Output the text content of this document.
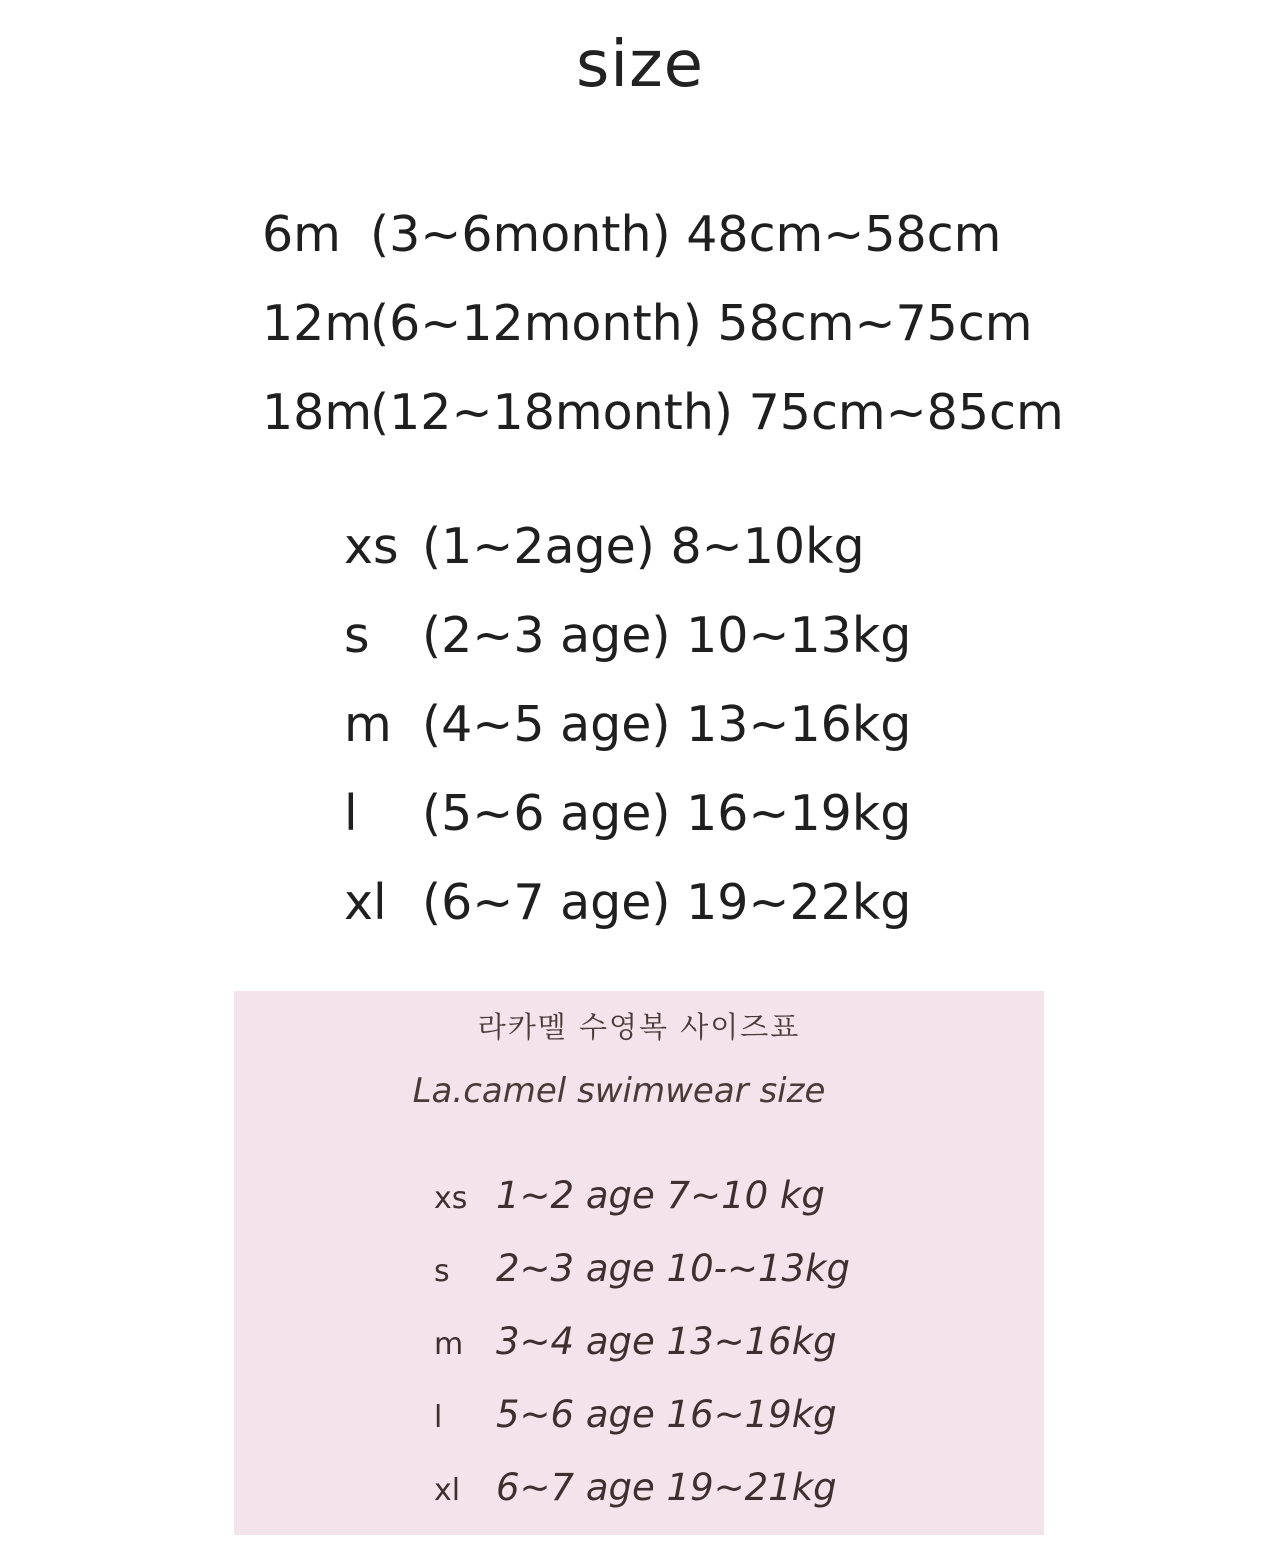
size
6m (3~6month) 48cm~58cm
12m(6~12month) 58cm~75cm
18m(12~18month) 75cm~85cm
xs (1~2age) 8~10kg
s (2~3 age) 10~13kg
m (4~5 age) 13~16kg
l (5~6 age) 16~19kg
xl (6~7 age) 19~22kg
라카멜 수영복 사이즈표
La.camel swimwear size
xs 1~2 age 7~10 kg
s 2~3 age 10-~13kg
m 3~4 age 13~16kg
l 5~6 age 16~19kg
xl 6~7 age 19~21kg
